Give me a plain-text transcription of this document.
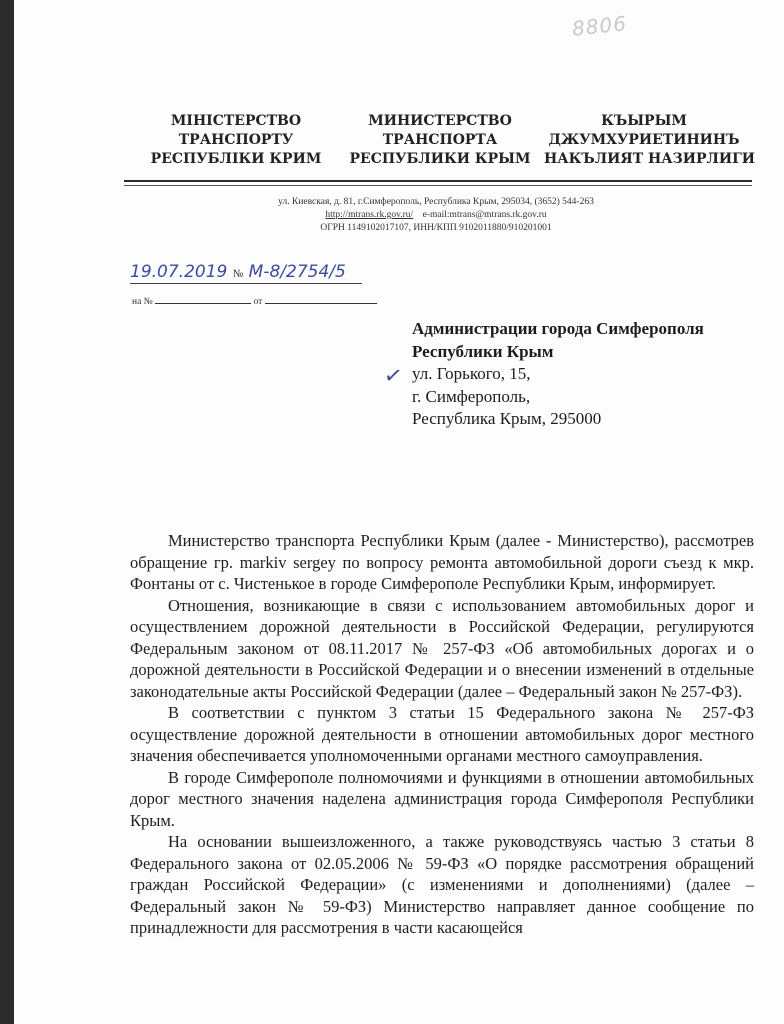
8806
МІНІСТЕРСТВО
ТРАНСПОРТУ
РЕСПУБЛІКИ КРИМ
МИНИСТЕРСТВО
ТРАНСПОРТА
РЕСПУБЛИКИ КРЫМ
КЪЫРЫМ
ДЖУМХУРИЕТИНИНЪ
НАКЪЛИЯТ НАЗИРЛИГИ
ул. Киевская, д. 81, г.Симферополь, Республика Крым, 295034, (3652) 544-263
http://mtrans.rk.gov.ru/ e-mail:mtrans@mtrans.rk.gov.ru
ОГРН 1149102017107, ИНН/КПП 9102011880/910201001
19.07.2019 № М-8/2754/5
на №	от
✓
Администрации города Симферополя
Республики Крым
ул. Горького, 15,
г. Симферополь,
Республика Крым, 295000

Министерство транспорта Республики Крым (далее - Министерство), рассмотрев обращение гр. markiv sergey по вопросу ремонта автомобильной дороги съезд к мкр. Фонтаны от с. Чистенькое в городе Симферополе Республики Крым, информирует.

Отношения, возникающие в связи с использованием автомобильных дорог и осуществлением дорожной деятельности в Российской Федерации, регулируются Федеральным законом от 08.11.2017 № 257-ФЗ «Об автомобильных дорогах и о дорожной деятельности в Российской Федерации и о внесении изменений в отдельные законодательные акты Российской Федерации (далее – Федеральный закон № 257-ФЗ).

В соответствии с пунктом 3 статьи 15 Федерального закона № 257-ФЗ осуществление дорожной деятельности в отношении автомобильных дорог местного значения обеспечивается уполномоченными органами местного самоуправления.

В городе Симферополе полномочиями и функциями в отношении автомобильных дорог местного значения наделена администрация города Симферополя Республики Крым.

На основании вышеизложенного, а также руководствуясь частью 3 статьи 8 Федерального закона от 02.05.2006 № 59-ФЗ «О порядке рассмотрения обращений граждан Российской Федерации» (с изменениями и дополнениями) (далее – Федеральный закон № 59-ФЗ) Министерство направляет данное сообщение по принадлежности для рассмотрения в части касающейся
